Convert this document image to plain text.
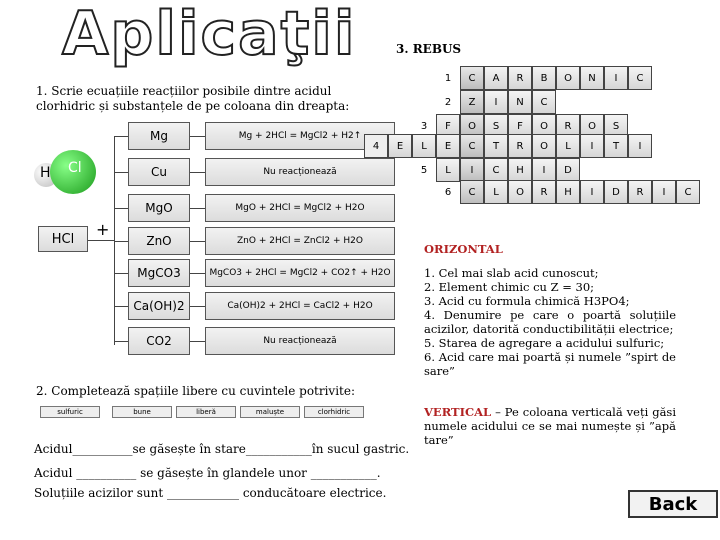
Aplicaţii
1. Scrie ecuațiile reacțiilor posibile dintre acidul clorhidric și substanțele de pe coloana din dreapta:
H Cl
HCl	+
Mg
Cu
MgO
ZnO
MgCO3
Ca(OH)2
CO2
Mg + 2HCl = MgCl2 + H2↑
Nu reacționează
MgO + 2HCl = MgCl2 + H2O
ZnO + 2HCl = ZnCl2 + H2O
MgCO3 + 2HCl = MgCl2 + CO2↑ + H2O
Ca(OH)2 + 2HCl = CaCl2 + H2O
Nu reacționează
3. REBUS
1	C	A	R	B	O	N	I	C
2	Z	I	N	C
3	F	O	S	F	O	R	O	S
4	E	L	E	C	T	R	O	L	I	T	I
5	L	I	C	H	I	D
6	C	L	O	R	H	I	D	R	I	C
ORIZONTAL
1. Cel mai slab acid cunoscut;
2. Element chimic cu Z = 30;
3. Acid cu formula chimică H3PO4;
4. Denumire pe care o poartă soluțiile acizilor, datorită conductibilității electrice;
5. Starea de agregare a acidului sulfuric;
6. Acid care mai poartă și numele ”spirt de sare”
VERTICAL – Pe coloana verticală veți găsi numele acidului ce se mai numește și ”apă tare”
2. Completează spațiile libere cu cuvintele potrivite:
sulfuric	bune	liberă	maluște	clorhidric
Acidul__________se găsește în stare___________în sucul gastric.
Acidul __________ se găsește în glandele unor ___________.
Soluțiile acizilor sunt ____________ conducătoare electrice.
Back
